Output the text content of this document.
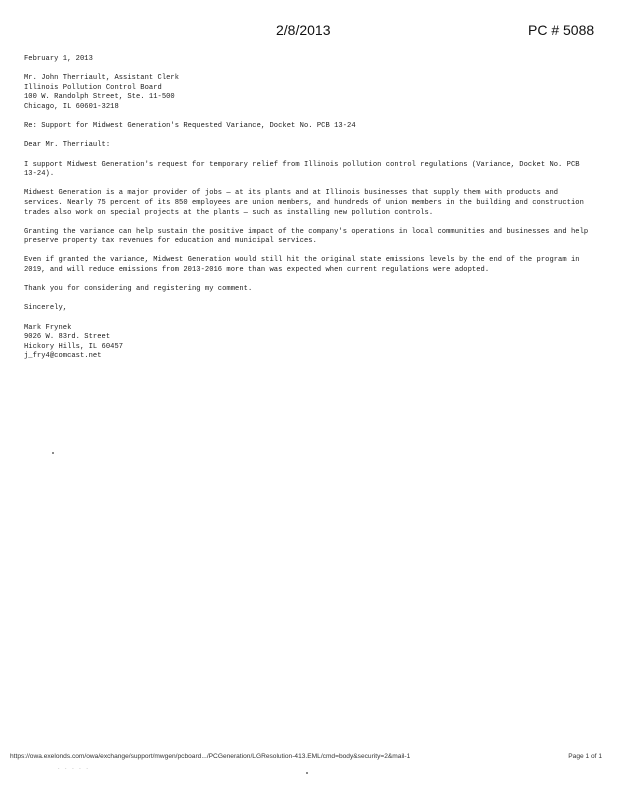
2/8/2013	PC # 5088
February 1, 2013
Mr. John Therriault, Assistant Clerk
Illinois Pollution Control Board
100 W. Randolph Street, Ste. 11-500
Chicago, IL 60601-3218

Re: Support for Midwest Generation's Requested Variance, Docket No. PCB 13-24

Dear Mr. Therriault:

I support Midwest Generation's request for temporary relief from Illinois pollution control regulations (Variance, Docket No. PCB 13-24).

Midwest Generation is a major provider of jobs — at its plants and at Illinois businesses that supply them with products and services. Nearly 75 percent of its 850 employees are union members, and hundreds of union members in the building and construction trades also work on special projects at the plants — such as installing new pollution controls.

Granting the variance can help sustain the positive impact of the company's operations in local communities and businesses and help preserve property tax revenues for education and municipal services.

Even if granted the variance, Midwest Generation would still hit the original state emissions levels by the end of the program in 2019, and will reduce emissions from 2013-2016 more than was expected when current regulations were adopted.

Thank you for considering and registering my comment.

Sincerely,

Mark Frynek
9026 W. 83rd. Street
Hickory Hills, IL 60457
j_fry4@comcast.net
https://owa.exelonds.com/owa/exchange/support/mwgen/pcboard.../PCGeneration/LGResolution-413.EML/cmd=body&security=2&mail-1	Page 1 of 1
· · · · ·
